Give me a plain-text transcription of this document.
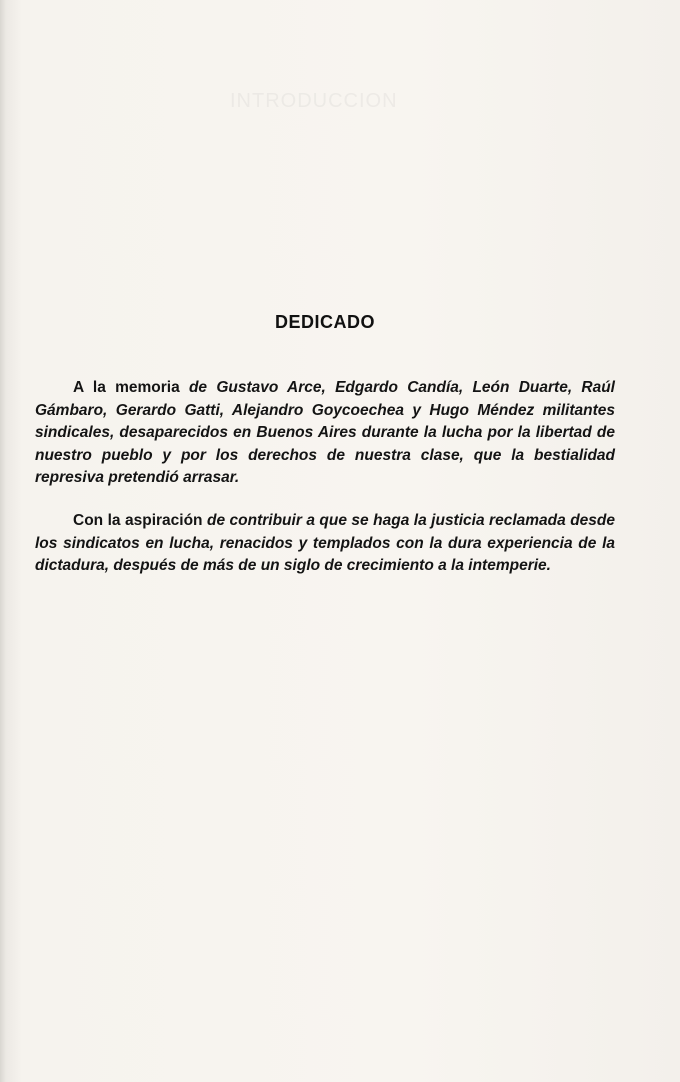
INTRODUCCION
DEDICADO
A la memoria de Gustavo Arce, Edgardo Candía, León Duarte, Raúl Gámbaro, Gerardo Gatti, Alejandro Goycoechea y Hugo Méndez militantes sindicales, desaparecidos en Buenos Aires durante la lucha por la libertad de nuestro pueblo y por los derechos de nuestra clase, que la bestialidad represiva pretendió arrasar.
Con la aspiración de contribuir a que se haga la justicia reclamada desde los sindicatos en lucha, renacidos y templados con la dura experiencia de la dictadura, después de más de un siglo de crecimiento a la intemperie.
